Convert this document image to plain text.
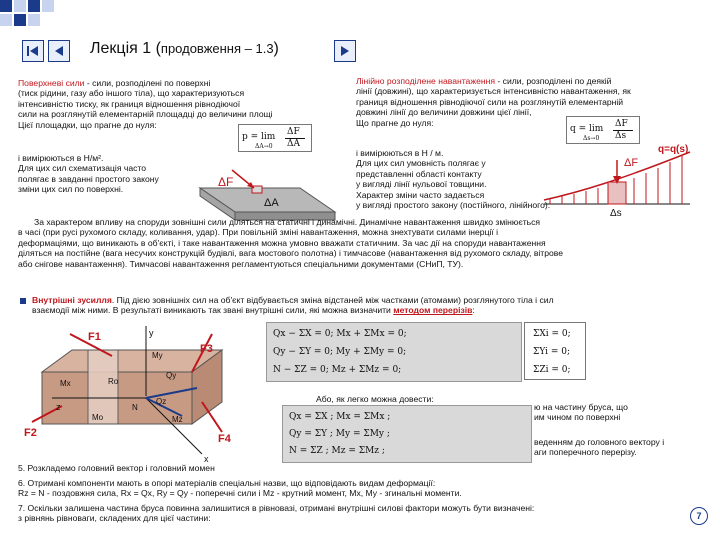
Лекція 1 (продовження – 1.3)
Поверхневі сили - сили, розподілені по поверхні
(тиск рідини, газу або іншого тіла), що характеризуються
інтенсивністю тиску, як границя відношення рівнодіючої
сили на розглянутій елементарній площадці до величини площі
Цієї площадки, що прагне до нуля:
p = lim
ΔA→0
ΔF
ΔA
і вимірюються в Н/м².
Для цих сил схематизація часто
полягає в завданні простого закону
зміни цих сил по поверхні.
ΔF
ΔA
Лінійно розподілене навантаження - сили, розподілені по деякій
лінії (довжині), що характеризується інтенсивністю навантаження, як
границя відношення рівнодіючої сили на розглянутій елементарній
довжині лінії до величини довжини цієї лінії,
Що прагне до нуля:
q = lim
Δs→0
ΔF
Δs
і вимірюються в Н / м.
Для цих сил умовність полягає у
представленні області контакту
у вигляді лінії нульової товщини.
Характер зміни часто задається
у вигляді простого закону (постійного, лінійного).
ΔF
q=q(s)
Δs
За характером впливу на споруди зовнішні сили діляться на статичні і динамічні. Динамічне навантаження швидко змінюється
в часі (при русі рухомого складу, коливання, удар). При повільній зміні навантаження, можна знехтувати силами інерції і
деформаціями, що виникають в об'єкті, і таке навантаження можна умовно вважати статичним. За час дії на споруди навантаження
діляться на постійне (вага несучих конструкцій будівлі, вага мостового полотна) і тимчасове (навантаження від рухомого складу, вітрове
або снігове навантаження). Тимчасові навантаження регламентуються спеціальними документами (СНиП, ТУ).
Внутрішні зусилля. Під дією зовнішніх сил на об'єкт відбувається зміна відстаней між частками (атомами) розглянутого тіла і сил
взаємодії між ними. В результаті виникають так звані внутрішні сили, які можна визначити методом перерізів:
F1
F3
F2	F4
y
z
x
My
Qy
Mz
Qz
Mx
Mo
Ro
N
Qx − ΣX = 0; Mx + ΣMx = 0;
Qy − ΣY = 0; My + ΣMy = 0;
N − ΣZ = 0; Mz + ΣMz = 0;
ΣXi = 0;
ΣYi = 0;
ΣZi = 0;
Або, як легко можна довести:
Qx = ΣX ; Mx = ΣMx ;
Qy = ΣY ; My = ΣMy ;
N = ΣZ ; Mz = ΣMz ;
ю на частину бруса, що
им чином по поверхні
веденням до головного вектору і
аги поперечного перерізу.
5. Розкладемо головний вектор і головний момен
6. Отримані компоненти мають в опорі матеріалів спеціальні назви, що відповідають видам деформації:
Rz = N - поздовжня сила, Rx = Qx, Ry = Qy - поперечні сили і Mz - крутний момент, Mx, My - згинальні моменти.
7. Оскільки залишена частина бруса повинна залишитися в рівновазі, отримані внутрішні силові фактори можуть бути визначені:
з рівнянь рівноваги, складених для цієї частини:	7
